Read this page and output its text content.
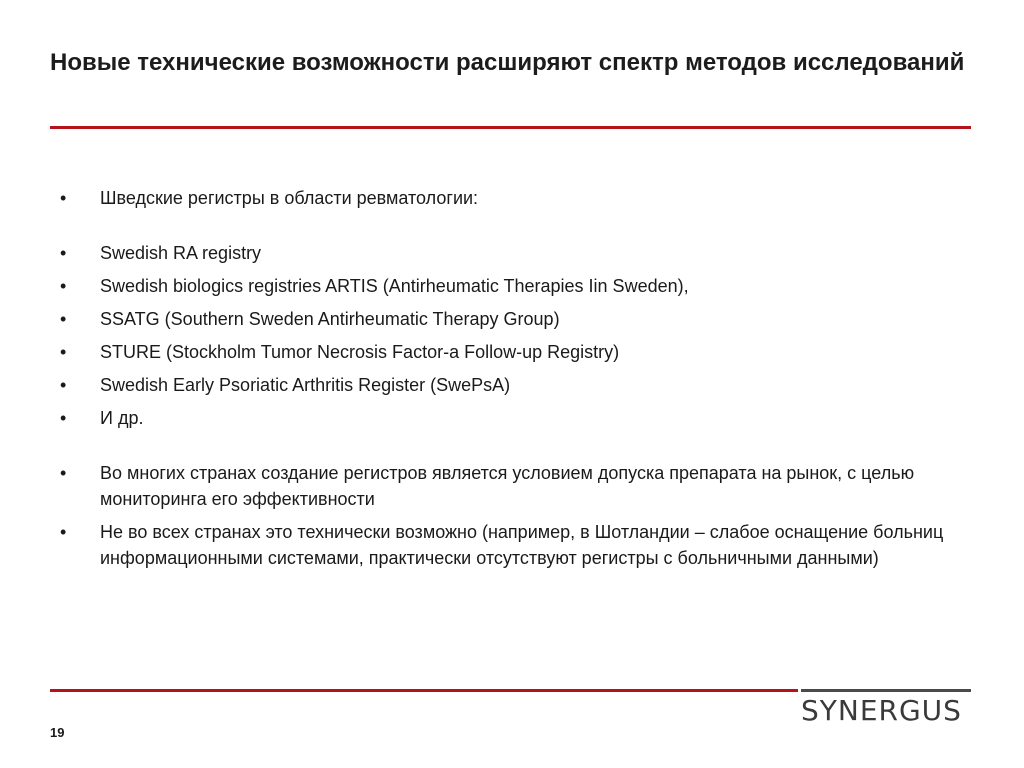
Новые технические возможности расширяют спектр методов исследований
•	Шведские регистры в области ревматологии:
•	Swedish RA registry
•	Swedish biologics registries ARTIS (Antirheumatic Therapies Iin Sweden),
•	SSATG (Southern Sweden Antirheumatic Therapy Group)
•	STURE (Stockholm Tumor Necrosis Factor-a Follow-up Registry)
•	Swedish Early Psoriatic Arthritis Register (SwePsA)
•	И др.
•	Во многих странах создание регистров является условием допуска препарата на рынок, с целью мониторинга его эффективности
•	Не во всех странах это технически возможно (например, в Шотландии – слабое оснащение больниц информационными системами, практически отсутствуют регистры с больничными данными)
SYNERGUS
19
